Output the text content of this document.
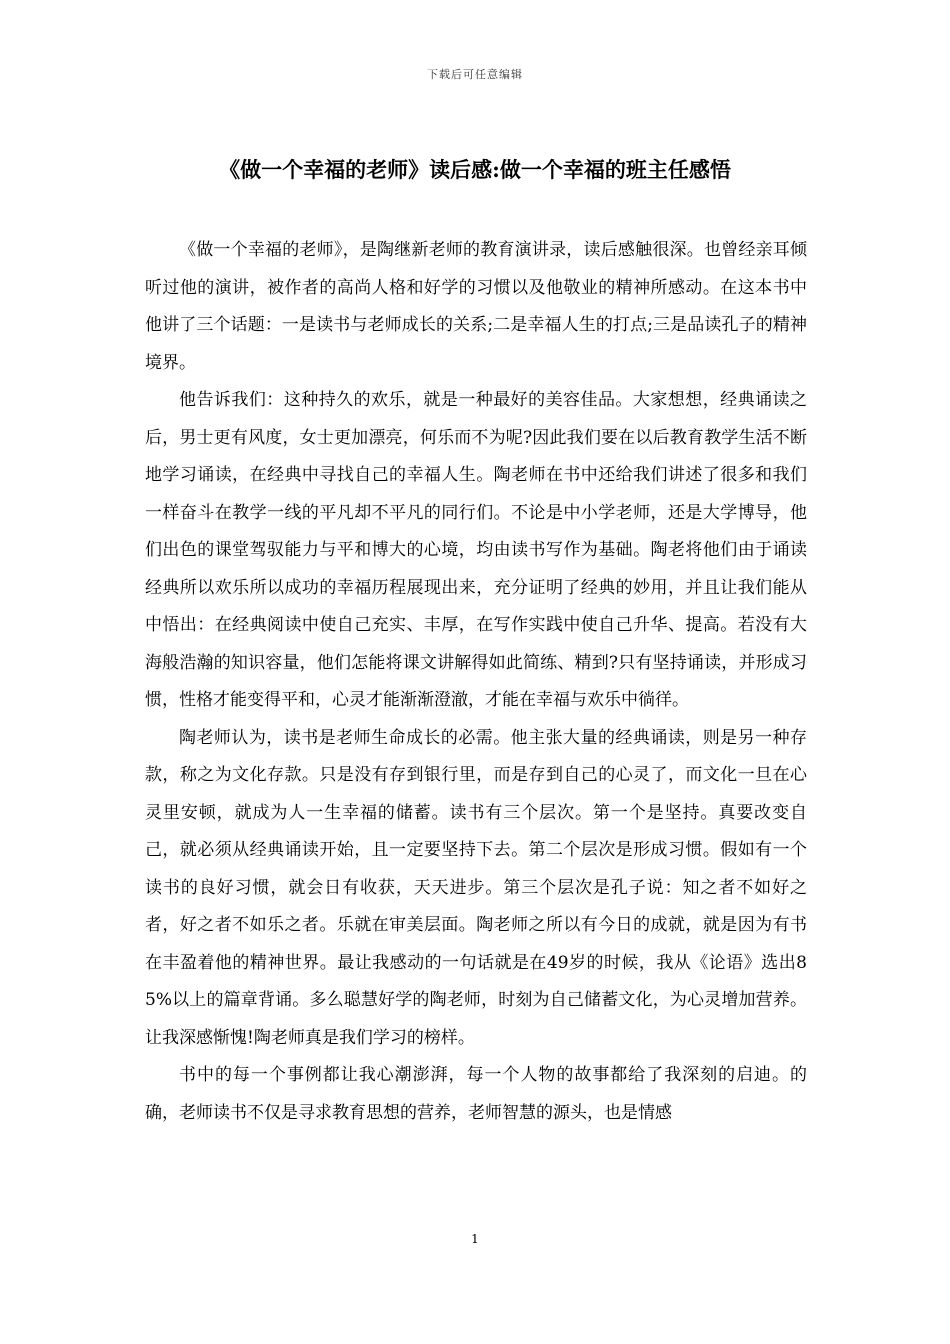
下载后可任意编辑
《做一个幸福的老师》读后感:做一个幸福的班主任感悟

《做一个幸福的老师》，是陶继新老师的教育演讲录，读后感触很深。也曾经亲耳倾听过他的演讲，被作者的高尚人格和好学的习惯以及他敬业的精神所感动。在这本书中他讲了三个话题：一是读书与老师成长的关系;二是幸福人生的打点;三是品读孔子的精神境界。

他告诉我们：这种持久的欢乐，就是一种最好的美容佳品。大家想想，经典诵读之后，男士更有风度，女士更加漂亮，何乐而不为呢?因此我们要在以后教育教学生活不断地学习诵读，在经典中寻找自己的幸福人生。陶老师在书中还给我们讲述了很多和我们一样奋斗在教学一线的平凡却不平凡的同行们。不论是中小学老师，还是大学博导，他们出色的课堂驾驭能力与平和博大的心境，均由读书写作为基础。陶老将他们由于诵读经典所以欢乐所以成功的幸福历程展现出来，充分证明了经典的妙用，并且让我们能从中悟出：在经典阅读中使自己充实、丰厚，在写作实践中使自己升华、提高。若没有大海般浩瀚的知识容量，他们怎能将课文讲解得如此简练、精到?只有坚持诵读，并形成习惯，性格才能变得平和，心灵才能渐渐澄澈，才能在幸福与欢乐中徜徉。

陶老师认为，读书是老师生命成长的必需。他主张大量的经典诵读，则是另一种存款，称之为文化存款。只是没有存到银行里，而是存到自己的心灵了，而文化一旦在心灵里安顿，就成为人一生幸福的储蓄。读书有三个层次。第一个是坚持。真要改变自己，就必须从经典诵读开始，且一定要坚持下去。第二个层次是形成习惯。假如有一个读书的良好习惯，就会日有收获，天天进步。第三个层次是孔子说：知之者不如好之者，好之者不如乐之者。乐就在审美层面。陶老师之所以有今日的成就，就是因为有书在丰盈着他的精神世界。最让我感动的一句话就是在49岁的时候，我从《论语》选出85%以上的篇章背诵。多么聪慧好学的陶老师，时刻为自己储蓄文化，为心灵增加营养。让我深感惭愧!陶老师真是我们学习的榜样。

书中的每一个事例都让我心潮澎湃，每一个人物的故事都给了我深刻的启迪。的确，老师读书不仅是寻求教育思想的营养，老师智慧的源头，也是情感

1
